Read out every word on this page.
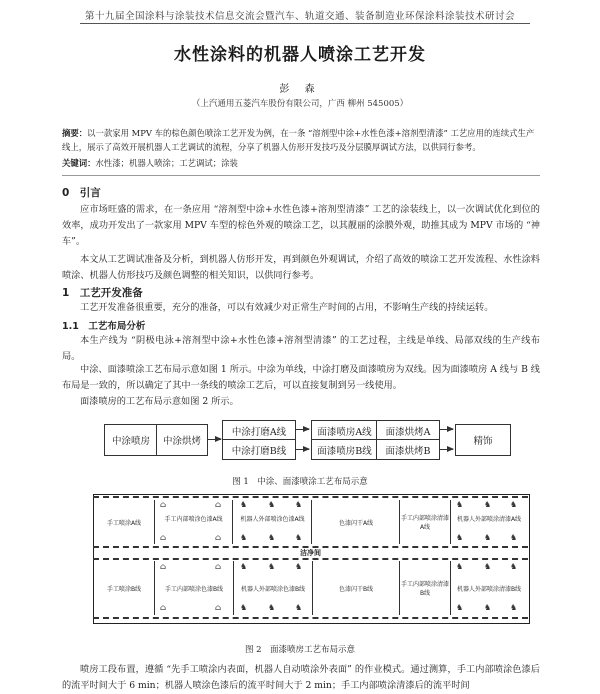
第十九届全国涂料与涂装技术信息交流会暨汽车、轨道交通、装备制造业环保涂料涂装技术研讨会
水性涂料的机器人喷涂工艺开发
彭 森
（上汽通用五菱汽车股份有限公司，广西 柳州 545005）
摘要：以一款家用 MPV 车的棕色颜色喷涂工艺开发为例，在一条 “溶剂型中涂+水性色漆+溶剂型清漆” 工艺应用的连续式生产线上，展示了高效开展机器人工艺调试的流程，分享了机器人仿形开发技巧及分层膜厚调试方法，以供同行参考。
关键词：水性漆；机器人喷涂；工艺调试；涂装
0　引言
应市场旺盛的需求，在一条应用 “溶剂型中涂+水性色漆+溶剂型清漆” 工艺的涂装线上，以一次调试优化到位的效率，成功开发出了一款家用 MPV 车型的棕色外观的喷涂工艺，以其靓丽的涂膜外观，助推其成为 MPV 市场的 “神车”。
本文从工艺调试准备及分析，到机器人仿形开发，再到颜色外观调试，介绍了高效的喷涂工艺开发流程、水性涂料喷涂、机器人仿形技巧及颜色调整的相关知识，以供同行参考。
1　工艺开发准备
工艺开发准备很重要，充分的准备，可以有效减少对正常生产时间的占用，不影响生产线的持续运转。
1.1　工艺布局分析
本生产线为 “阴极电泳+溶剂型中涂+水性色漆+溶剂型清漆” 的工艺过程，主线是单线、局部双线的生产线布局。
中涂、面漆喷涂工艺布局示意如图 1 所示。中涂为单线，中涂打磨及面漆喷房为双线。因为面漆喷房 A 线与 B 线布局是一致的，所以确定了其中一条线的喷涂工艺后，可以直接复制到另一线使用。
面漆喷房的工艺布局示意如图 2 所示。
中涂喷房	中涂烘烤
中涂打磨A线
中涂打磨B线
面漆喷房A线
面漆喷房B线
面漆烘烤A
面漆烘烤B
精饰
图 1　中涂、面漆喷涂工艺布局示意
手工喷涂A线	手工内部喷涂色漆A线	机器人外部喷涂色漆A线	色漆闪干A线
手工内部喷涂清漆A线
机器人外部喷涂清漆A线
洁净间
手工喷涂B线	手工内部喷涂色漆B线	机器人外部喷涂色漆B线	色漆闪干B线
手工内部喷涂清漆B线
机器人外部喷涂清漆B线
⌂	⌂
⌂	⌂
♞	♞	♞
♞	♞	♞
♞	♞	♞
♞	♞	♞
⌂	⌂
⌂	⌂
♞	♞	♞
♞	♞	♞
♞	♞	♞
♞	♞	♞
图 2　面漆喷房工艺布局示意
喷房工段布置，遵循 “先手工喷涂内表面，机器人自动喷涂外表面” 的作业模式。通过测算，手工内部喷涂色漆后的流平时间大于 6 min；机器人喷涂色漆后的流平时间大于 2 min；手工内部喷涂清漆后的流平时间
